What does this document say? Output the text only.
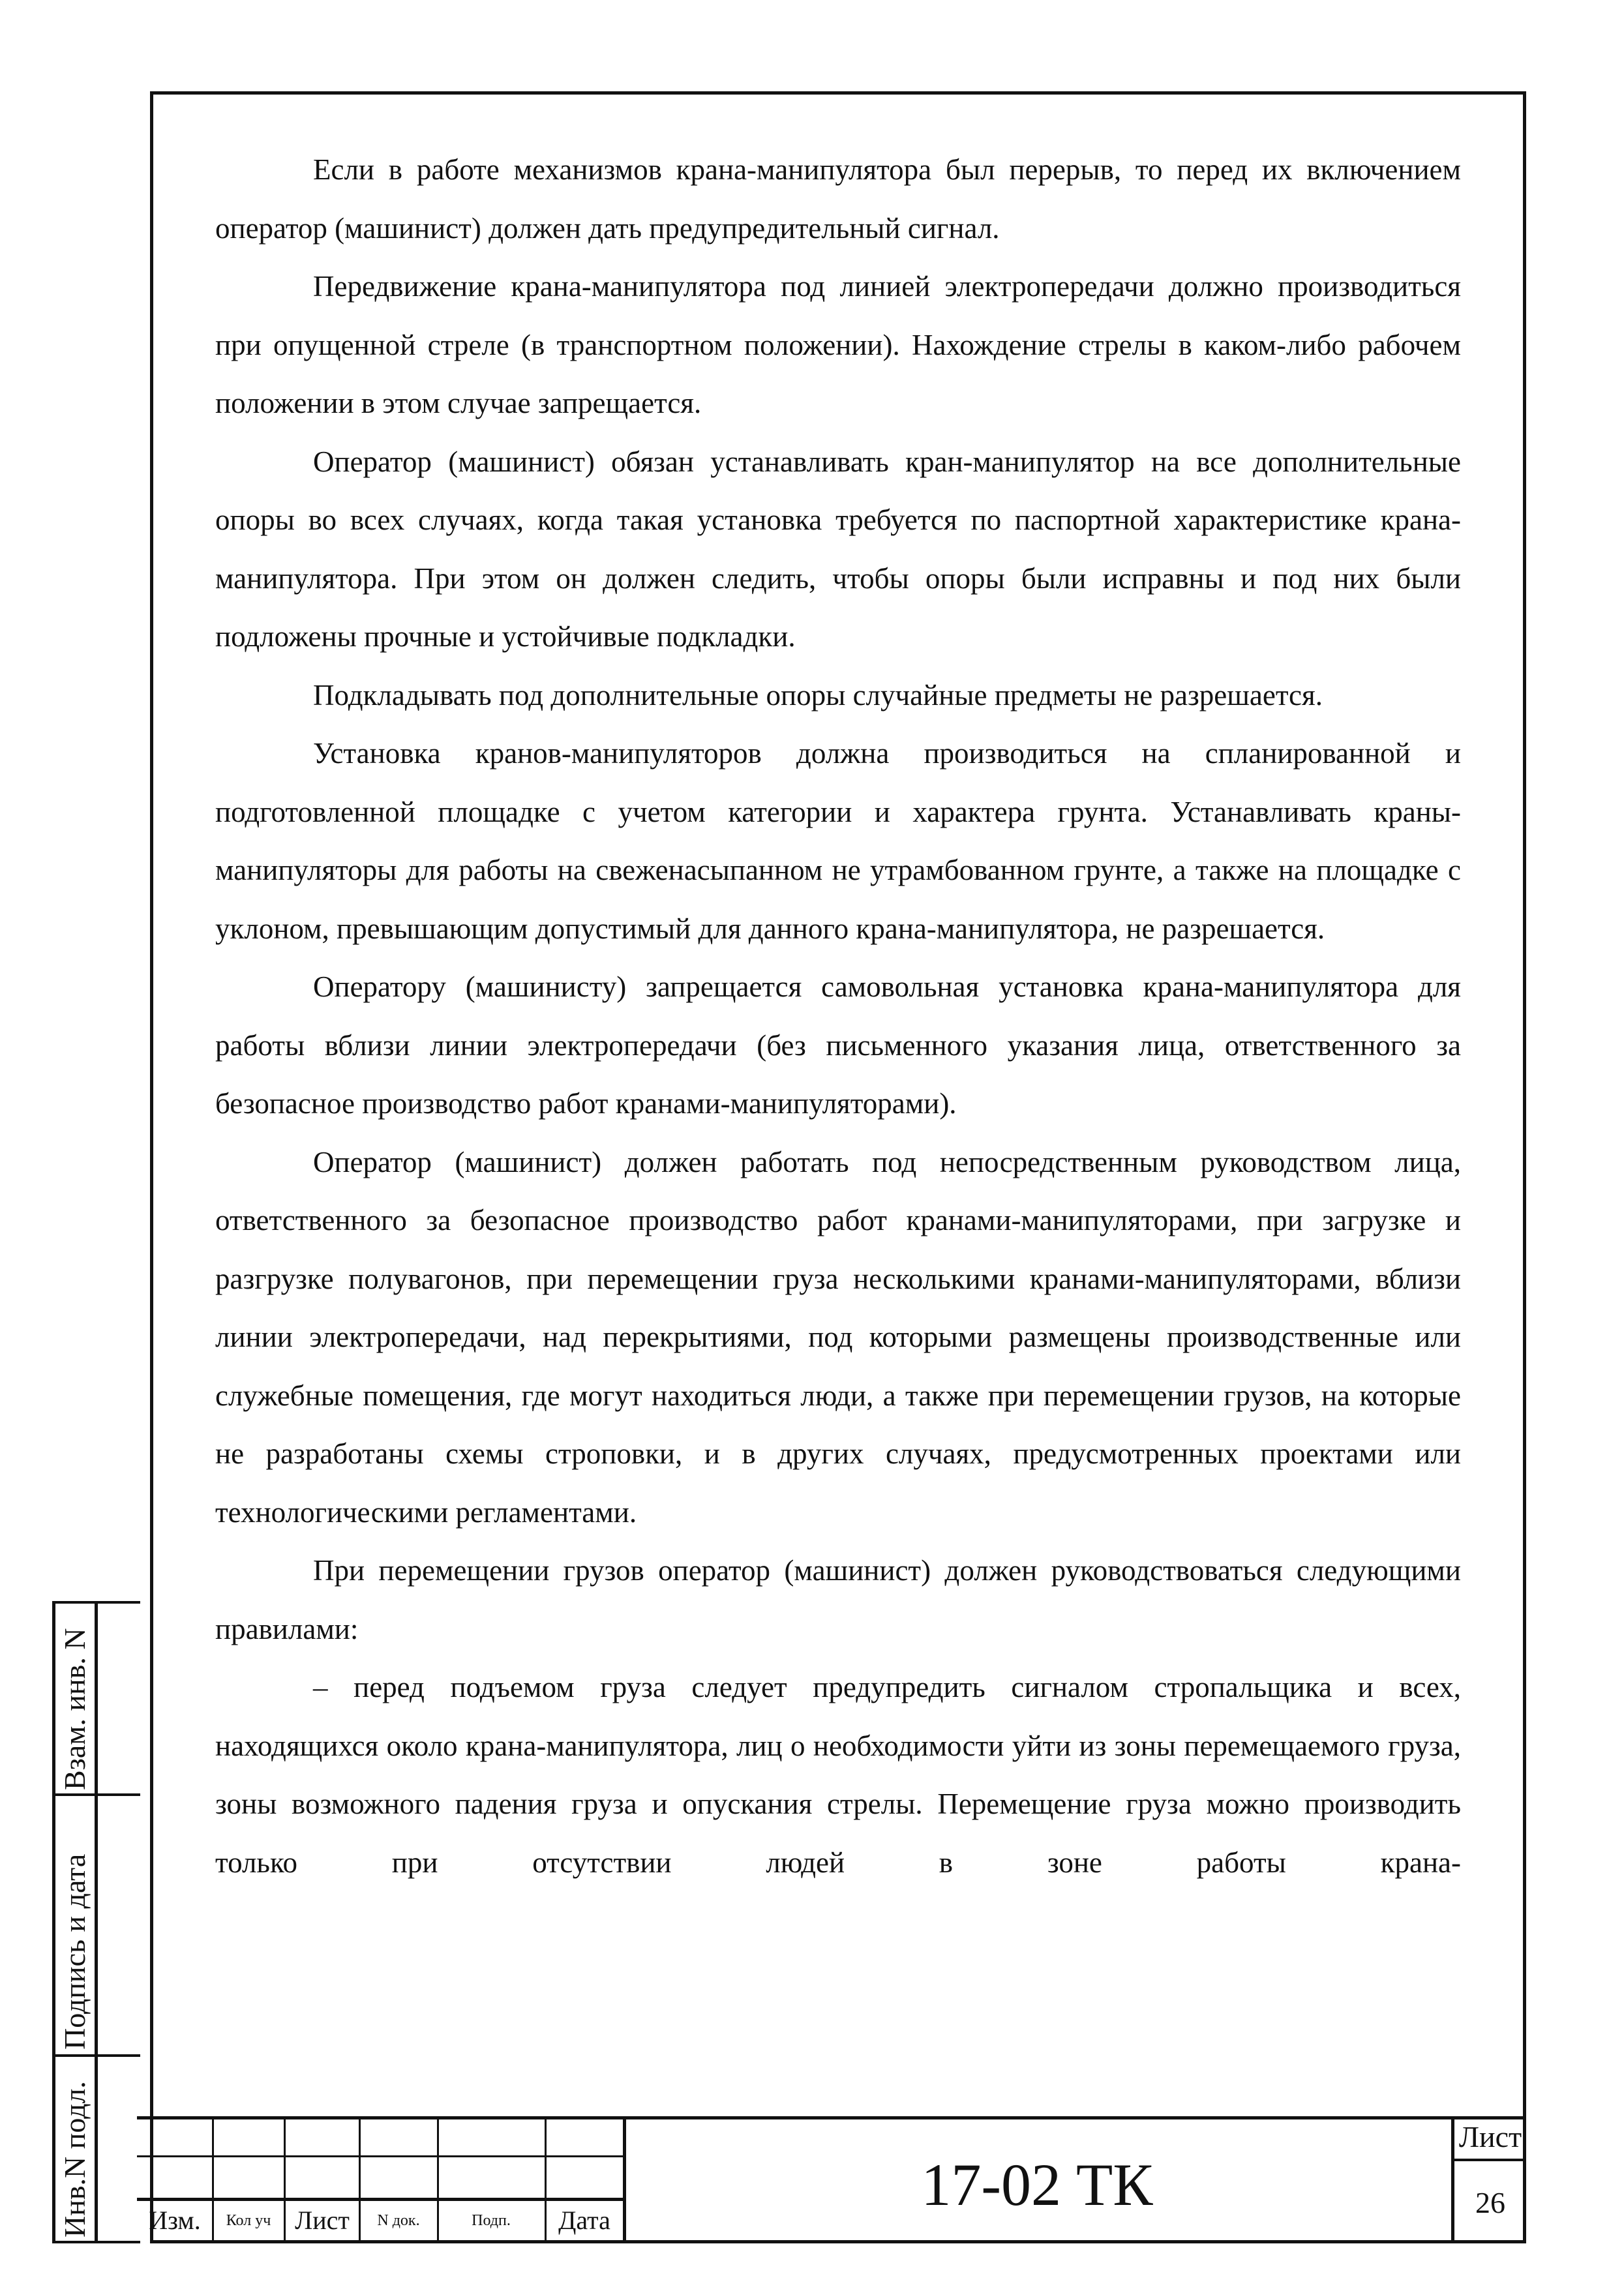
Если в работе механизмов крана-манипулятора был перерыв, то перед их включением оператор (машинист) должен дать предупредительный сигнал.

Передвижение крана-манипулятора под линией электропередачи должно производиться при опущенной стреле (в транспортном положении). Нахождение стрелы в каком-либо рабочем положении в этом случае запрещается.

Оператор (машинист) обязан устанавливать кран-манипулятор на все дополнительные опоры во всех случаях, когда такая установка требуется по паспортной характеристике крана-манипулятора. При этом он должен следить, чтобы опоры были исправны и под них были подложены прочные и устойчивые подкладки.

Подкладывать под дополнительные опоры случайные предметы не разрешается.

Установка кранов-манипуляторов должна производиться на спланированной и подготовленной площадке с учетом категории и характера грунта. Устанавливать краны-манипуляторы для работы на свеженасыпанном не утрамбованном грунте, а также на площадке с уклоном, превышающим допустимый для данного крана-манипулятора, не разрешается.

Оператору (машинисту) запрещается самовольная установка крана-манипулятора для работы вблизи линии электропередачи (без письменного указания лица, ответственного за безопасное производство работ кранами-манипуляторами).

Оператор (машинист) должен работать под непосредственным руководством лица, ответственного за безопасное производство работ кранами-манипуляторами, при загрузке и разгрузке полувагонов, при перемещении груза несколькими кранами-манипуляторами, вблизи линии электропередачи, над перекрытиями, под которыми размещены производственные или служебные помещения, где могут находиться люди, а также при перемещении грузов, на которые не разработаны схемы строповки, и в других случаях, предусмотренных проектами или технологическими регламентами.

При перемещении грузов оператор (машинист) должен руководствоваться следующими правилами:

– перед подъемом груза следует предупредить сигналом стропальщика и всех, находящихся около крана-манипулятора, лиц о необходимости уйти из зоны перемещаемого груза, зоны возможного падения груза и опускания стрелы. Перемещение груза можно производить только при отсутствии людей в зоне работы крана-

Изм.	Кол уч Лист	N док.	Подп.	Дата
17-02 ТК
Лист
26
Взам. инв. N
Подпись и дата
Инв.N подл.
